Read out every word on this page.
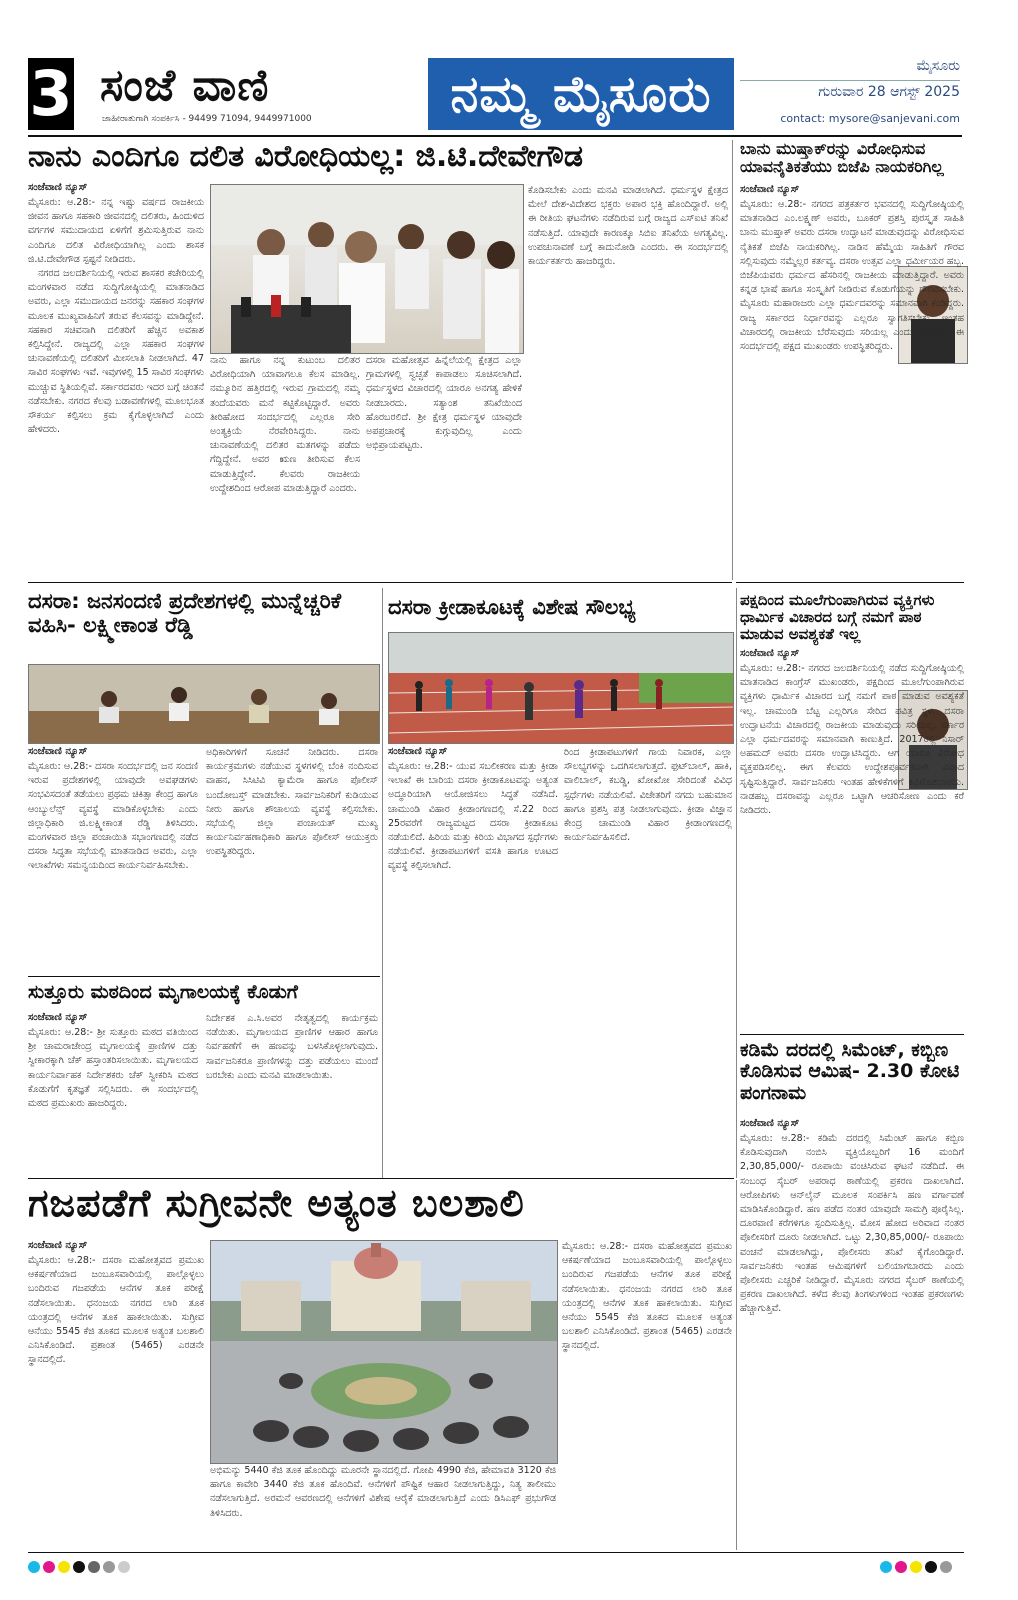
3 ಸಂಜೆ ವಾಣಿ
ಜಾಹೀರಾತುಗಾಗಿ ಸಂಪರ್ಕಿಸಿ - 94499 71094, 9449971000	ನಮ್ಮ ಮೈಸೂರು	ಮೈಸೂರು
ಗುರುವಾರ 28 ಆಗಸ್ಟ್ 2025
contact: mysore@sanjevani.com
ನಾನು ಎಂದಿಗೂ ದಲಿತ ವಿರೋಧಿಯಲ್ಲ: ಜಿ.ಟಿ.ದೇವೇಗೌಡ
ಸಂಜೆವಾಣಿ ನ್ಯೂಸ್

ಮೈಸೂರು: ಆ.28:- ನನ್ನ ಇಷ್ಟು ವರ್ಷದ ರಾಜಕೀಯ ಜೀವನ ಹಾಗೂ ಸಹಕಾರಿ ಜೀವನದಲ್ಲಿ ದಲಿತರು, ಹಿಂದುಳಿದ ವರ್ಗಗಳ ಸಮುದಾಯದ ಏಳಿಗೆಗೆ ಶ್ರಮಿಸುತ್ತಿರುವ ನಾನು ಎಂದಿಗೂ ದಲಿತ ವಿರೋಧಿಯಾಗಿಲ್ಲ ಎಂದು ಶಾಸಕ ಜಿ.ಟಿ.ದೇವೇಗೌಡ ಸ್ಪಷ್ಟನೆ ನೀಡಿದರು.

ನಗರದ ಜಲದರ್ಶಿನಿಯಲ್ಲಿ ಇರುವ ಶಾಸಕರ ಕಚೇರಿಯಲ್ಲಿ ಮಂಗಳವಾರ ನಡೆದ ಸುದ್ದಿಗೋಷ್ಠಿಯಲ್ಲಿ ಮಾತನಾಡಿದ ಅವರು, ಎಲ್ಲಾ ಸಮುದಾಯದ ಜನರನ್ನು ಸಹಕಾರ ಸಂಘಗಳ ಮೂಲಕ ಮುಖ್ಯವಾಹಿನಿಗೆ ತರುವ ಕೆಲಸವನ್ನು ಮಾಡಿದ್ದೇನೆ. ಸಹಕಾರ ಸಚಿವನಾಗಿ ದಲಿತರಿಗೆ ಹೆಚ್ಚಿನ ಅವಕಾಶ ಕಲ್ಪಿಸಿದ್ದೇನೆ. ರಾಜ್ಯದಲ್ಲಿ ಎಲ್ಲಾ ಸಹಕಾರ ಸಂಘಗಳ ಚುನಾವಣೆಯಲ್ಲಿ ದಲಿತರಿಗೆ ಮೀಸಲಾತಿ ನೀಡಲಾಗಿದೆ. 47 ಸಾವಿರ ಸಂಘಗಳು ಇವೆ. ಇವುಗಳಲ್ಲಿ 15 ಸಾವಿರ ಸಂಘಗಳು ಮುಚ್ಚುವ ಸ್ಥಿತಿಯಲ್ಲಿವೆ. ಸರ್ಕಾರದವರು ಇದರ ಬಗ್ಗೆ ಚಿಂತನೆ ನಡೆಸಬೇಕು. ನಗರದ ಕೆಲವು ಬಡಾವಣೆಗಳಲ್ಲಿ ಮೂಲಭೂತ ಸೌಕರ್ಯ ಕಲ್ಪಿಸಲು ಕ್ರಮ ಕೈಗೊಳ್ಳಲಾಗಿದೆ ಎಂದು ಹೇಳಿದರು.

ನಾನು ಹಾಗೂ ನನ್ನ ಕುಟುಂಬ ದಲಿತರ ವಿರೋಧಿಯಾಗಿ ಯಾವಾಗಲೂ ಕೆಲಸ ಮಾಡಿಲ್ಲ. ನಮ್ಮೂರಿನ ಹತ್ತಿರದಲ್ಲಿ ಇರುವ ಗ್ರಾಮದಲ್ಲಿ ನಮ್ಮ ತಂದೆಯವರು ಮನೆ ಕಟ್ಟಿಕೊಟ್ಟಿದ್ದಾರೆ. ಅವರು ತೀರಿಹೋದ ಸಂದರ್ಭದಲ್ಲಿ ಎಲ್ಲರೂ ಸೇರಿ ಅಂತ್ಯಕ್ರಿಯೆ ನೆರವೇರಿಸಿದ್ದರು. ನಾನು ಚುನಾವಣೆಯಲ್ಲಿ ದಲಿತರ ಮತಗಳನ್ನು ಪಡೆದು ಗೆದ್ದಿದ್ದೇನೆ. ಅವರ ಋಣ ತೀರಿಸುವ ಕೆಲಸ ಮಾಡುತ್ತಿದ್ದೇನೆ. ಕೆಲವರು ರಾಜಕೀಯ ಉದ್ದೇಶದಿಂದ ಆರೋಪ ಮಾಡುತ್ತಿದ್ದಾರೆ ಎಂದರು.
ದಸರಾ ಮಹೋತ್ಸವ ಹಿನ್ನೆಲೆಯಲ್ಲಿ ಕ್ಷೇತ್ರದ ಎಲ್ಲಾ ಗ್ರಾಮಗಳಲ್ಲಿ ಸ್ವಚ್ಛತೆ ಕಾಪಾಡಲು ಸೂಚಿಸಲಾಗಿದೆ. ಧರ್ಮಸ್ಥಳದ ವಿಚಾರದಲ್ಲಿ ಯಾರೂ ಅನಗತ್ಯ ಹೇಳಿಕೆ ನೀಡಬಾರದು. ಸತ್ಯಾಂಶ ತನಿಖೆಯಿಂದ ಹೊರಬರಲಿದೆ. ಶ್ರೀ ಕ್ಷೇತ್ರ ಧರ್ಮಸ್ಥಳ ಯಾವುದೇ ಅಪಪ್ರಚಾರಕ್ಕೆ ಕುಗ್ಗುವುದಿಲ್ಲ ಎಂದು ಅಭಿಪ್ರಾಯಪಟ್ಟರು.
ಕೊಡಿಸಬೇಕು ಎಂದು ಮನವಿ ಮಾಡಲಾಗಿದೆ. ಧರ್ಮಸ್ಥಳ ಕ್ಷೇತ್ರದ ಮೇಲೆ ದೇಶ-ವಿದೇಶದ ಭಕ್ತರು ಅಪಾರ ಭಕ್ತಿ ಹೊಂದಿದ್ದಾರೆ. ಅಲ್ಲಿ ಈ ರೀತಿಯ ಘಟನೆಗಳು ನಡೆದಿರುವ ಬಗ್ಗೆ ರಾಜ್ಯದ ಎಸ್ಐಟಿ ತನಿಖೆ ನಡೆಸುತ್ತಿದೆ. ಯಾವುದೇ ಕಾರಣಕ್ಕೂ ಸಿಬಿಐ ತನಿಖೆಯ ಅಗತ್ಯವಿಲ್ಲ. ಉಪಚುನಾವಣೆ ಬಗ್ಗೆ ಕಾದುನೋಡಿ ಎಂದರು. ಈ ಸಂದರ್ಭದಲ್ಲಿ ಕಾರ್ಯಕರ್ತರು ಹಾಜರಿದ್ದರು.
ಬಾನು ಮುಷ್ತಾಕ್‌ರನ್ನು ವಿರೋಧಿಸುವ ಯಾವನೈತಿಕತೆಯು ಬಿಜೆಪಿ ನಾಯಕರಿಗಿಲ್ಲ
ಸಂಜೆವಾಣಿ ನ್ಯೂಸ್

ಮೈಸೂರು: ಆ.28:- ನಗರದ ಪತ್ರಕರ್ತರ ಭವನದಲ್ಲಿ ಸುದ್ದಿಗೋಷ್ಠಿಯಲ್ಲಿ ಮಾತನಾಡಿದ ಎಂ.ಲಕ್ಷ್ಮಣ್ ಅವರು, ಬೂಕರ್ ಪ್ರಶಸ್ತಿ ಪುರಸ್ಕೃತ ಸಾಹಿತಿ ಬಾನು ಮುಷ್ತಾಕ್ ಅವರು ದಸರಾ ಉದ್ಘಾಟನೆ ಮಾಡುವುದನ್ನು ವಿರೋಧಿಸುವ ನೈತಿಕತೆ ಬಿಜೆಪಿ ನಾಯಕರಿಗಿಲ್ಲ. ನಾಡಿನ ಹೆಮ್ಮೆಯ ಸಾಹಿತಿಗೆ ಗೌರವ ಸಲ್ಲಿಸುವುದು ನಮ್ಮೆಲ್ಲರ ಕರ್ತವ್ಯ. ದಸರಾ ಉತ್ಸವ ಎಲ್ಲಾ ಧರ್ಮೀಯರ ಹಬ್ಬ. ಬಿಜೆಪಿಯವರು ಧರ್ಮದ ಹೆಸರಿನಲ್ಲಿ ರಾಜಕೀಯ ಮಾಡುತ್ತಿದ್ದಾರೆ. ಅವರು ಕನ್ನಡ ಭಾಷೆ ಹಾಗೂ ಸಂಸ್ಕೃತಿಗೆ ನೀಡಿರುವ ಕೊಡುಗೆಯನ್ನು ಗೌರವಿಸಬೇಕು. ಮೈಸೂರು ಮಹಾರಾಜರು ಎಲ್ಲಾ ಧರ್ಮದವರನ್ನು ಸಮಾನವಾಗಿ ಕಂಡಿದ್ದರು. ರಾಜ್ಯ ಸರ್ಕಾರದ ನಿರ್ಧಾರವನ್ನು ಎಲ್ಲರೂ ಸ್ವಾಗತಿಸಬೇಕು. ಇಂತಹ ವಿಚಾರದಲ್ಲಿ ರಾಜಕೀಯ ಬೆರೆಸುವುದು ಸರಿಯಲ್ಲ ಎಂದು ಹೇಳಿದರು. ಈ ಸಂದರ್ಭದಲ್ಲಿ ಪಕ್ಷದ ಮುಖಂಡರು ಉಪಸ್ಥಿತರಿದ್ದರು.

ದಸರಾ: ಜನಸಂದಣಿ ಪ್ರದೇಶಗಳಲ್ಲಿ ಮುನ್ನೆಚ್ಚರಿಕೆ ವಹಿಸಿ- ಲಕ್ಷ್ಮೀಕಾಂತ ರೆಡ್ಡಿ
ಸಂಜೆವಾಣಿ ನ್ಯೂಸ್
ಮೈಸೂರು: ಆ.28:- ದಸರಾ ಸಂದರ್ಭದಲ್ಲಿ ಜನ ಸಂದಣಿ ಇರುವ ಪ್ರದೇಶಗಳಲ್ಲಿ ಯಾವುದೇ ಅವಘಡಗಳು ಸಂಭವಿಸದಂತೆ ತಡೆಯಲು ಪ್ರಥಮ ಚಿಕಿತ್ಸಾ ಕೇಂದ್ರ ಹಾಗೂ ಆಂಬ್ಯುಲೆನ್ಸ್ ವ್ಯವಸ್ಥೆ ಮಾಡಿಕೊಳ್ಳಬೇಕು ಎಂದು ಜಿಲ್ಲಾಧಿಕಾರಿ ಜಿ.ಲಕ್ಷ್ಮೀಕಾಂತ ರೆಡ್ಡಿ ತಿಳಿಸಿದರು. ಮಂಗಳವಾರ ಜಿಲ್ಲಾ ಪಂಚಾಯಿತಿ ಸಭಾಂಗಣದಲ್ಲಿ ನಡೆದ ದಸರಾ ಸಿದ್ಧತಾ ಸಭೆಯಲ್ಲಿ ಮಾತನಾಡಿದ ಅವರು, ಎಲ್ಲಾ ಇಲಾಖೆಗಳು ಸಮನ್ವಯದಿಂದ ಕಾರ್ಯನಿರ್ವಹಿಸಬೇಕು.
ಅಧಿಕಾರಿಗಳಿಗೆ ಸೂಚನೆ ನೀಡಿದರು. ದಸರಾ ಕಾರ್ಯಕ್ರಮಗಳು ನಡೆಯುವ ಸ್ಥಳಗಳಲ್ಲಿ ಬೆಂಕಿ ನಂದಿಸುವ ವಾಹನ, ಸಿಸಿಟಿವಿ ಕ್ಯಾಮೆರಾ ಹಾಗೂ ಪೊಲೀಸ್ ಬಂದೋಬಸ್ತ್ ಮಾಡಬೇಕು. ಸಾರ್ವಜನಿಕರಿಗೆ ಕುಡಿಯುವ ನೀರು ಹಾಗೂ ಶೌಚಾಲಯ ವ್ಯವಸ್ಥೆ ಕಲ್ಪಿಸಬೇಕು. ಸಭೆಯಲ್ಲಿ ಜಿಲ್ಲಾ ಪಂಚಾಯತ್ ಮುಖ್ಯ ಕಾರ್ಯನಿರ್ವಹಣಾಧಿಕಾರಿ ಹಾಗೂ ಪೊಲೀಸ್ ಆಯುಕ್ತರು ಉಪಸ್ಥಿತರಿದ್ದರು.
ದಸರಾ ಕ್ರೀಡಾಕೂಟಕ್ಕೆ ವಿಶೇಷ ಸೌಲಭ್ಯ
ಸಂಜೆವಾಣಿ ನ್ಯೂಸ್
ಮೈಸೂರು: ಆ.28:- ಯುವ ಸಬಲೀಕರಣ ಮತ್ತು ಕ್ರೀಡಾ ಇಲಾಖೆ ಈ ಬಾರಿಯ ದಸರಾ ಕ್ರೀಡಾಕೂಟವನ್ನು ಅತ್ಯಂತ ಅದ್ಧೂರಿಯಾಗಿ ಆಯೋಜಿಸಲು ಸಿದ್ಧತೆ ನಡೆಸಿದೆ. ಚಾಮುಂಡಿ ವಿಹಾರ ಕ್ರೀಡಾಂಗಣದಲ್ಲಿ ಸೆ.22 ರಿಂದ 25ರವರೆಗೆ ರಾಜ್ಯಮಟ್ಟದ ದಸರಾ ಕ್ರೀಡಾಕೂಟ ನಡೆಯಲಿದೆ. ಹಿರಿಯ ಮತ್ತು ಕಿರಿಯ ವಿಭಾಗದ ಸ್ಪರ್ಧೆಗಳು ನಡೆಯಲಿವೆ. ಕ್ರೀಡಾಪಟುಗಳಿಗೆ ವಸತಿ ಹಾಗೂ ಊಟದ ವ್ಯವಸ್ಥೆ ಕಲ್ಪಿಸಲಾಗಿದೆ.
ರಿಂದ ಕ್ರೀಡಾಪಟುಗಳಿಗೆ ಗಾಯ ನಿವಾರಕ, ಎಲ್ಲಾ ಸೌಲಭ್ಯಗಳನ್ನು ಒದಗಿಸಲಾಗುತ್ತದೆ. ಫುಟ್‌ಬಾಲ್, ಹಾಕಿ, ವಾಲಿಬಾಲ್, ಕಬಡ್ಡಿ, ಖೋಖೋ ಸೇರಿದಂತೆ ವಿವಿಧ ಸ್ಪರ್ಧೆಗಳು ನಡೆಯಲಿವೆ. ವಿಜೇತರಿಗೆ ನಗದು ಬಹುಮಾನ ಹಾಗೂ ಪ್ರಶಸ್ತಿ ಪತ್ರ ನೀಡಲಾಗುವುದು. ಕ್ರೀಡಾ ವಿಜ್ಞಾನ ಕೇಂದ್ರ ಚಾಮುಂಡಿ ವಿಹಾರ ಕ್ರೀಡಾಂಗಣದಲ್ಲಿ ಕಾರ್ಯನಿರ್ವಹಿಸಲಿದೆ.
ಸುತ್ತೂರು ಮಠದಿಂದ ಮೃಗಾಲಯಕ್ಕೆ ಕೊಡುಗೆ
ಸಂಜೆವಾಣಿ ನ್ಯೂಸ್
ಮೈಸೂರು: ಆ.28:- ಶ್ರೀ ಸುತ್ತೂರು ಮಠದ ವತಿಯಿಂದ ಶ್ರೀ ಚಾಮರಾಜೇಂದ್ರ ಮೃಗಾಲಯಕ್ಕೆ ಪ್ರಾಣಿಗಳ ದತ್ತು ಸ್ವೀಕಾರಕ್ಕಾಗಿ ಚೆಕ್ ಹಸ್ತಾಂತರಿಸಲಾಯಿತು. ಮೃಗಾಲಯದ ಕಾರ್ಯನಿರ್ವಾಹಕ ನಿರ್ದೇಶಕರು ಚೆಕ್ ಸ್ವೀಕರಿಸಿ ಮಠದ ಕೊಡುಗೆಗೆ ಕೃತಜ್ಞತೆ ಸಲ್ಲಿಸಿದರು. ಈ ಸಂದರ್ಭದಲ್ಲಿ ಮಠದ ಪ್ರಮುಖರು ಹಾಜರಿದ್ದರು.
ನಿರ್ದೇಶಕ ಎ.ಸಿ.ಅವರ ನೇತೃತ್ವದಲ್ಲಿ ಕಾರ್ಯಕ್ರಮ ನಡೆಯಿತು. ಮೃಗಾಲಯದ ಪ್ರಾಣಿಗಳ ಆಹಾರ ಹಾಗೂ ನಿರ್ವಹಣೆಗೆ ಈ ಹಣವನ್ನು ಬಳಸಿಕೊಳ್ಳಲಾಗುವುದು. ಸಾರ್ವಜನಿಕರೂ ಪ್ರಾಣಿಗಳನ್ನು ದತ್ತು ಪಡೆಯಲು ಮುಂದೆ ಬರಬೇಕು ಎಂದು ಮನವಿ ಮಾಡಲಾಯಿತು.
ಪಕ್ಷದಿಂದ ಮೂಲೆಗುಂಪಾಗಿರುವ ವ್ಯಕ್ತಿಗಳು ಧಾರ್ಮಿಕ ವಿಚಾರದ ಬಗ್ಗೆ ನಮಗೆ ಪಾಠ ಮಾಡುವ ಅವಶ್ಯಕತೆ ಇಲ್ಲ
ಸಂಜೆವಾಣಿ ನ್ಯೂಸ್
ಮೈಸೂರು: ಆ.28:- ನಗರದ ಜಲದರ್ಶಿನಿಯಲ್ಲಿ ನಡೆದ ಸುದ್ದಿಗೋಷ್ಠಿಯಲ್ಲಿ ಮಾತನಾಡಿದ ಕಾಂಗ್ರೆಸ್ ಮುಖಂಡರು, ಪಕ್ಷದಿಂದ ಮೂಲೆಗುಂಪಾಗಿರುವ ವ್ಯಕ್ತಿಗಳು ಧಾರ್ಮಿಕ ವಿಚಾರದ ಬಗ್ಗೆ ನಮಗೆ ಪಾಠ ಮಾಡುವ ಅವಶ್ಯಕತೆ ಇಲ್ಲ. ಚಾಮುಂಡಿ ಬೆಟ್ಟ ಎಲ್ಲರಿಗೂ ಸೇರಿದ ಪವಿತ್ರ ಸ್ಥಳ. ದಸರಾ ಉದ್ಘಾಟನೆಯ ವಿಚಾರದಲ್ಲಿ ರಾಜಕೀಯ ಮಾಡುವುದು ಸರಿಯಲ್ಲ. ಸರ್ಕಾರ ಎಲ್ಲಾ ಧರ್ಮದವರನ್ನು ಸಮಾನವಾಗಿ ಕಾಣುತ್ತಿದೆ. 2017ರಲ್ಲಿ ನಿಸಾರ್ ಅಹಮದ್ ಅವರು ದಸರಾ ಉದ್ಘಾಟಿಸಿದ್ದರು. ಆಗ ಯಾರೂ ವಿರೋಧ ವ್ಯಕ್ತಪಡಿಸಲಿಲ್ಲ. ಈಗ ಕೆಲವರು ಉದ್ದೇಶಪೂರ್ವಕವಾಗಿ ವಿವಾದ ಸೃಷ್ಟಿಸುತ್ತಿದ್ದಾರೆ. ಸಾರ್ವಜನಿಕರು ಇಂತಹ ಹೇಳಿಕೆಗಳಿಗೆ ಕಿವಿಗೊಡಬಾರದು. ನಾಡಹಬ್ಬ ದಸರಾವನ್ನು ಎಲ್ಲರೂ ಒಟ್ಟಾಗಿ ಆಚರಿಸೋಣ ಎಂದು ಕರೆ ನೀಡಿದರು.
ಕಡಿಮೆ ದರದಲ್ಲಿ ಸಿಮೆಂಟ್, ಕಬ್ಬಿಣ ಕೊಡಿಸುವ ಆಮಿಷ- 2.30 ಕೋಟಿ ಪಂಗನಾಮ
ಸಂಜೆವಾಣಿ ನ್ಯೂಸ್
ಮೈಸೂರು: ಆ.28:- ಕಡಿಮೆ ದರದಲ್ಲಿ ಸಿಮೆಂಟ್ ಹಾಗೂ ಕಬ್ಬಿಣ ಕೊಡಿಸುವುದಾಗಿ ನಂಬಿಸಿ ವ್ಯಕ್ತಿಯೊಬ್ಬರಿಗೆ 16 ಮಂದಿಗೆ 2,30,85,000/- ರೂಪಾಯಿ ವಂಚಿಸಿರುವ ಘಟನೆ ನಡೆದಿದೆ. ಈ ಸಂಬಂಧ ಸೈಬರ್ ಅಪರಾಧ ಠಾಣೆಯಲ್ಲಿ ಪ್ರಕರಣ ದಾಖಲಾಗಿದೆ. ಆರೋಪಿಗಳು ಆನ್‌ಲೈನ್ ಮೂಲಕ ಸಂಪರ್ಕಿಸಿ ಹಣ ವರ್ಗಾವಣೆ ಮಾಡಿಸಿಕೊಂಡಿದ್ದಾರೆ. ಹಣ ಪಡೆದ ನಂತರ ಯಾವುದೇ ಸಾಮಗ್ರಿ ಪೂರೈಸಿಲ್ಲ. ದೂರವಾಣಿ ಕರೆಗಳಿಗೂ ಸ್ಪಂದಿಸುತ್ತಿಲ್ಲ. ಮೋಸ ಹೋದ ಅರಿವಾದ ನಂತರ ಪೊಲೀಸರಿಗೆ ದೂರು ನೀಡಲಾಗಿದೆ. ಒಟ್ಟು 2,30,85,000/- ರೂಪಾಯಿ ವಂಚನೆ ಮಾಡಲಾಗಿದ್ದು, ಪೊಲೀಸರು ತನಿಖೆ ಕೈಗೊಂಡಿದ್ದಾರೆ. ಸಾರ್ವಜನಿಕರು ಇಂತಹ ಆಮಿಷಗಳಿಗೆ ಬಲಿಯಾಗಬಾರದು ಎಂದು ಪೊಲೀಸರು ಎಚ್ಚರಿಕೆ ನೀಡಿದ್ದಾರೆ. ಮೈಸೂರು ನಗರದ ಸೈಬರ್ ಠಾಣೆಯಲ್ಲಿ ಪ್ರಕರಣ ದಾಖಲಾಗಿದೆ. ಕಳೆದ ಕೆಲವು ತಿಂಗಳುಗಳಿಂದ ಇಂತಹ ಪ್ರಕರಣಗಳು ಹೆಚ್ಚಾಗುತ್ತಿವೆ.
ಗಜಪಡೆಗೆ ಸುಗ್ರೀವನೇ ಅತ್ಯಂತ ಬಲಶಾಲಿ
ಸಂಜೆವಾಣಿ ನ್ಯೂಸ್
ಮೈಸೂರು: ಆ.28:- ದಸರಾ ಮಹೋತ್ಸವದ ಪ್ರಮುಖ ಆಕರ್ಷಣೆಯಾದ ಜಂಬೂಸವಾರಿಯಲ್ಲಿ ಪಾಲ್ಗೊಳ್ಳಲು ಬಂದಿರುವ ಗಜಪಡೆಯ ಆನೆಗಳ ತೂಕ ಪರೀಕ್ಷೆ ನಡೆಸಲಾಯಿತು. ಧನಂಜಯ ನಗರದ ಲಾರಿ ತೂಕ ಯಂತ್ರದಲ್ಲಿ ಆನೆಗಳ ತೂಕ ಹಾಕಲಾಯಿತು. ಸುಗ್ರೀವ ಆನೆಯು 5545 ಕೆಜಿ ತೂಕದ ಮೂಲಕ ಅತ್ಯಂತ ಬಲಶಾಲಿ ಎನಿಸಿಕೊಂಡಿದೆ. ಪ್ರಶಾಂತ (5465) ಎರಡನೇ ಸ್ಥಾನದಲ್ಲಿದೆ.
ಅಭಿಮನ್ಯು 5440 ಕೆಜಿ ತೂಕ ಹೊಂದಿದ್ದು ಮೂರನೇ ಸ್ಥಾನದಲ್ಲಿದೆ. ಗೋಪಿ 4990 ಕೆಜಿ, ಹೇಮಾವತಿ 3120 ಕೆಜಿ ಹಾಗೂ ಕಾವೇರಿ 3440 ಕೆಜಿ ತೂಕ ಹೊಂದಿವೆ. ಆನೆಗಳಿಗೆ ಪೌಷ್ಟಿಕ ಆಹಾರ ನೀಡಲಾಗುತ್ತಿದ್ದು, ನಿತ್ಯ ತಾಲೀಮು ನಡೆಸಲಾಗುತ್ತಿದೆ. ಅರಮನೆ ಆವರಣದಲ್ಲಿ ಆನೆಗಳಿಗೆ ವಿಶೇಷ ಆರೈಕೆ ಮಾಡಲಾಗುತ್ತಿದೆ ಎಂದು ಡಿಸಿಎಫ್ ಪ್ರಭುಗೌಡ ತಿಳಿಸಿದರು.

ಮೈಸೂರು: ಆ.28:- ದಸರಾ ಮಹೋತ್ಸವದ ಪ್ರಮುಖ ಆಕರ್ಷಣೆಯಾದ ಜಂಬೂಸವಾರಿಯಲ್ಲಿ ಪಾಲ್ಗೊಳ್ಳಲು ಬಂದಿರುವ ಗಜಪಡೆಯ ಆನೆಗಳ ತೂಕ ಪರೀಕ್ಷೆ ನಡೆಸಲಾಯಿತು. ಧನಂಜಯ ನಗರದ ಲಾರಿ ತೂಕ ಯಂತ್ರದಲ್ಲಿ ಆನೆಗಳ ತೂಕ ಹಾಕಲಾಯಿತು. ಸುಗ್ರೀವ ಆನೆಯು 5545 ಕೆಜಿ ತೂಕದ ಮೂಲಕ ಅತ್ಯಂತ ಬಲಶಾಲಿ ಎನಿಸಿಕೊಂಡಿದೆ. ಪ್ರಶಾಂತ (5465) ಎರಡನೇ ಸ್ಥಾನದಲ್ಲಿದೆ.
